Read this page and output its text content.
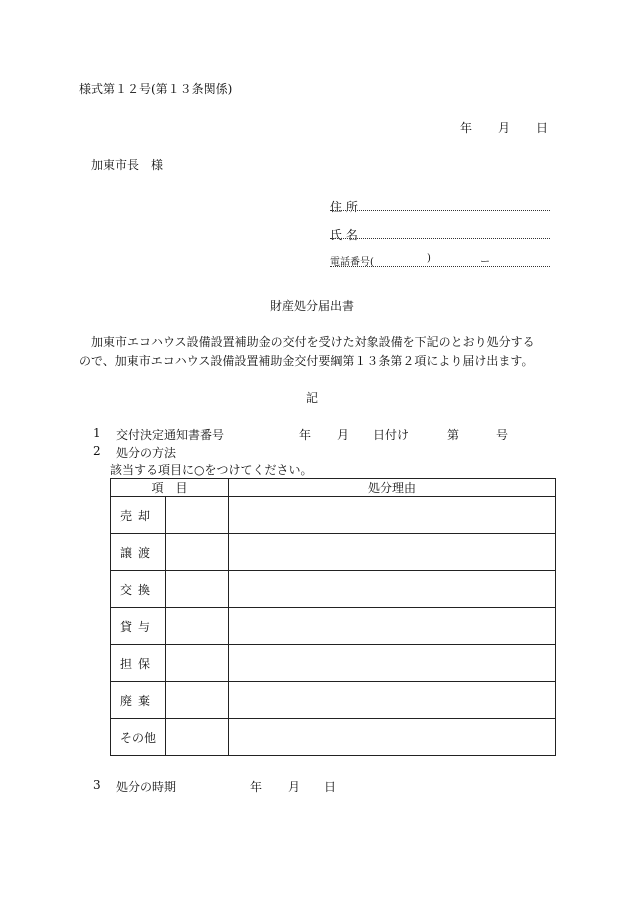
様式第１２号(第１３条関係)
年 月 日
加東市長　様
住 所
氏 名
電話番号(	)	ー
財産処分届出書
加東市エコハウス設備設置補助金の交付を受けた対象設備を下記のとおり処分する
ので、加東市エコハウス設備設置補助金交付要綱第１３条第２項により届け出ます。
記
1 交付決定通知書番号	年 月 日付け	第	号
2 処分の方法
該当する項目に○をつけてください。
項　目		処分理由
売却		
譲渡		
交換		
貸与		
担保		
廃棄		
その他		
3 処分の時期	年 月 日
